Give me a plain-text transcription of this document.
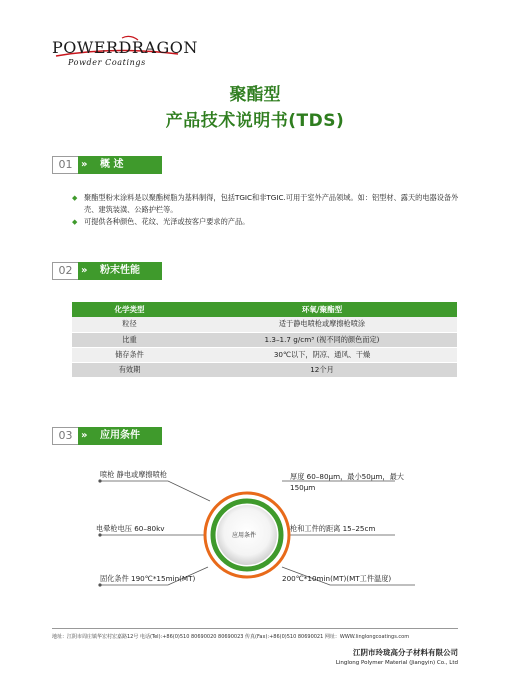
POWERDRAGON
Powder Coatings
聚酯型
产品技术说明书(TDS)
01	概 述
»
◆ 聚酯型粉末涂料是以聚酯树脂为基料制得，包括TGIC和非TGIC.可用于室外产品领域。如：铝型材、露天的电器设备外壳、建筑装潢、公路护栏等。
◆ 可提供各种颜色、花纹、光泽或按客户要求的产品。
02	粉末性能
»
化学类型	环氧/聚酯型
粒径	适于静电喷枪或摩擦枪喷涂
比重	1.3–1.7 g/cm³ (视不同的颜色而定)
储存条件	30℃以下，阴凉、通风、干燥
有效期	12个月
03	应用条件
»
应用条件
喷枪 静电或摩擦喷枪
电晕枪电压 60–80kv
固化条件 190℃*15min(MT)
厚度 60–80μm，最小50μm，最大150μm
枪和工件的距离 15–25cm
200℃*10min(MT)(MT工件温度)
地址：江阴市周庄镇华宏村宏嘉路12号 电话(Tel):+86(0)510 80690020 80690023 传真(Fax):+86(0)510 80690021 网址：WWW.linglongcoatings.com
江阴市玲珑高分子材料有限公司
Linglong Polymer Material (Jiangyin) Co., Ltd
